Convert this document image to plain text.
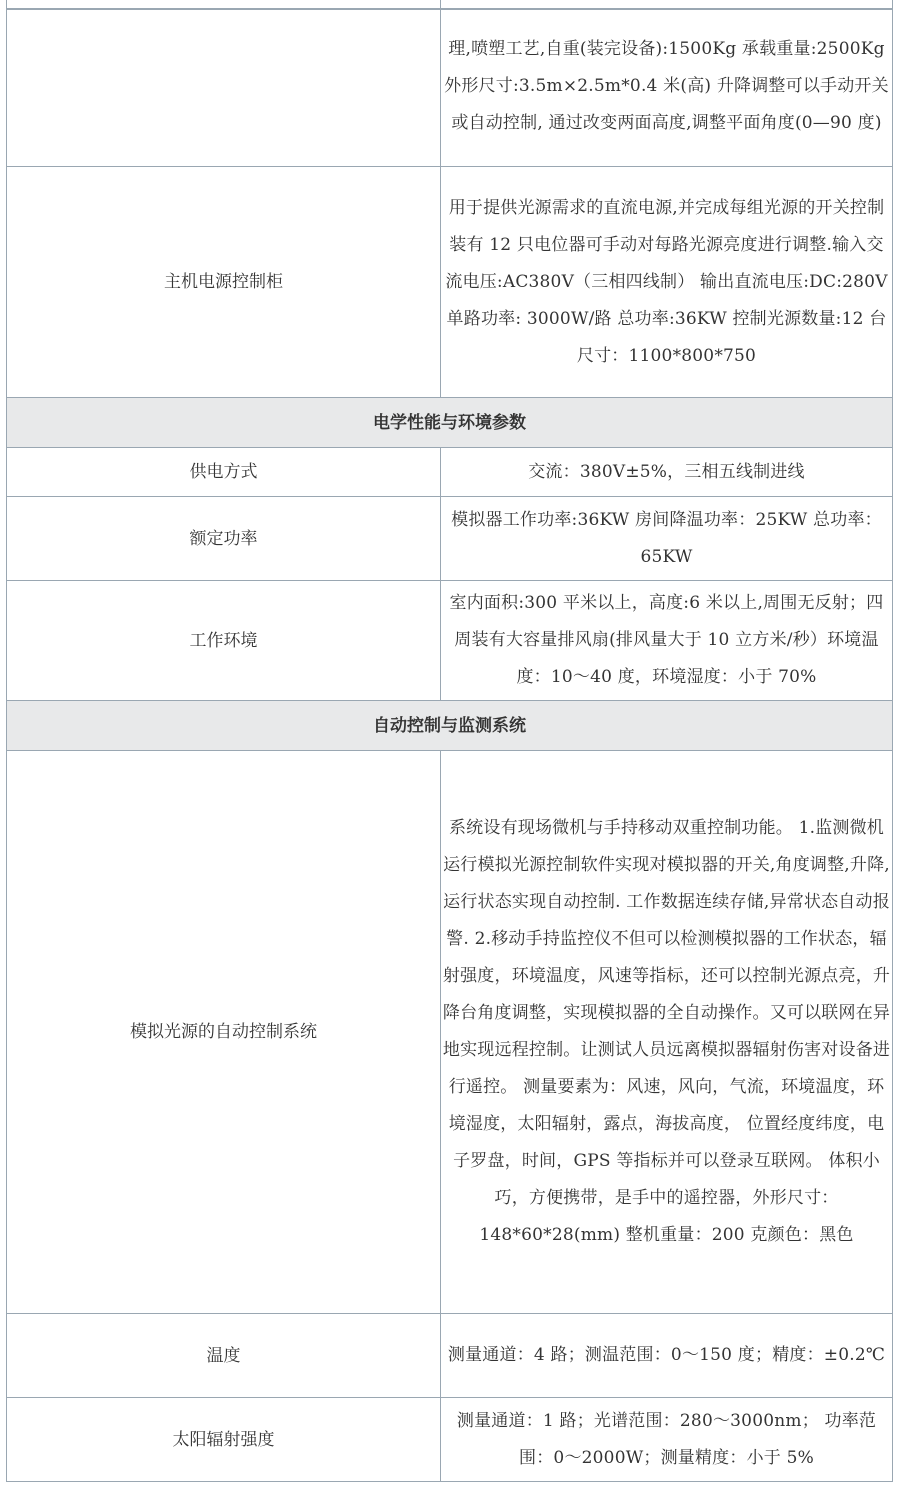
	理,喷塑工艺,自重(装完设备):1500Kg 承载重量:2500Kg 外形尺寸:3.5m×2.5m*0.4 米(高) 升降调整可以手动开关或自动控制, 通过改变两面高度,调整平面角度(0—90 度)

主机电源控制柜	用于提供光源需求的直流电源,并完成每组光源的开关控制 装有 12 只电位器可手动对每路光源亮度进行调整.输入交流电压:AC380V（三相四线制） 输出直流电压:DC:280V 单路功率: 3000W/路 总功率:36KW 控制光源数量:12 台 尺寸：1100*800*750

电学性能与环境参数	
供电方式	交流：380V±5%，三相五线制进线

额定功率	模拟器工作功率:36KW 房间降温功率：25KW 总功率：65KW

工作环境	室内面积:300 平米以上，高度:6 米以上,周围无反射；四周装有大容量排风扇(排风量大于 10 立方米/秒）环境温度：10～40 度，环境湿度：小于 70%

自动控制与监测系统	
模拟光源的自动控制系统	系统设有现场微机与手持移动双重控制功能。 1.监测微机运行模拟光源控制软件实现对模拟器的开关,角度调整,升降,运行状态实现自动控制. 工作数据连续存储,异常状态自动报警. 2.移动手持监控仪不但可以检测模拟器的工作状态，辐射强度，环境温度，风速等指标，还可以控制光源点亮，升降台角度调整，实现模拟器的全自动操作。又可以联网在异地实现远程控制。让测试人员远离模拟器辐射伤害对设备进行遥控。 测量要素为：风速，风向，气流，环境温度，环境湿度，太阳辐射，露点，海拔高度， 位置经度纬度，电子罗盘，时间，GPS 等指标并可以登录互联网。 体积小巧，方便携带，是手中的遥控器，外形尺寸：148*60*28(mm) 整机重量：200 克颜色：黑色

温度	测量通道：4 路；测温范围：0～150 度；精度：±0.2℃

太阳辐射强度	测量通道：1 路；光谱范围：280～3000nm； 功率范围：0～2000W；测量精度：小于 5%
